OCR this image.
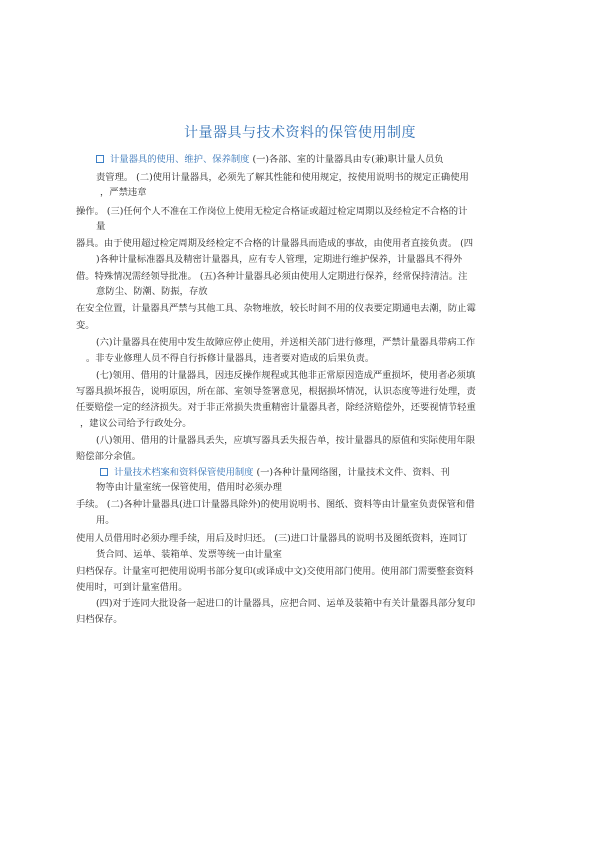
计量器具与技术资料的保管使用制度
计量器具的使用、维护、保养制度 (一)各部、室的计量器具由专(兼)职计量人员负
责管理。 (二)使用计量器具，必须先了解其性能和使用规定，按使用说明书的规定正确使用
，严禁违章
操作。 (三)任何个人不准在工作岗位上使用无检定合格证或超过检定周期以及经检定不合格的计
量
器具。由于使用超过检定周期及经检定不合格的计量器具而造成的事故，由使用者直接负责。 (四
)各种计量标准器具及精密计量器具，应有专人管理，定期进行维护保养，计量器具不得外
借。特殊情况需经领导批准。 (五)各种计量器具必须由使用人定期进行保养，经常保持清洁。注
意防尘、防潮、防振，存放
在安全位置，计量器具严禁与其他工具、杂物堆放，较长时间不用的仪表要定期通电去潮，防止霉
变。
(六)计量器具在使用中发生故障应停止使用，并送相关部门进行修理，严禁计量器具带病工作
。非专业修理人员不得自行拆修计量器具，违者要对造成的后果负责。
(七)领用、借用的计量器具，因违反操作规程或其他非正常原因造成严重损坏，使用者必须填
写器具损坏报告，说明原因，所在部、室领导签署意见，根据损坏情况，认识态度等进行处理，责
任要赔偿一定的经济损失。对于非正常损失贵重精密计量器具者，除经济赔偿外，还要视情节轻重
，建议公司给予行政处分。
(八)领用、借用的计量器具丢失，应填写器具丢失报告单，按计量器具的原值和实际使用年限
赔偿部分余值。
计量技术档案和资料保管使用制度 (一)各种计量网络图，计量技术文件、资料、刊
物等由计量室统一保管使用，借用时必须办理
手续。 (二)各种计量器具(进口计量器具除外)的使用说明书、图纸、资料等由计量室负责保管和借
用。
使用人员借用时必须办理手续，用后及时归还。 (三)进口计量器具的说明书及图纸资料，连同订
货合同、运单、装箱单、发票等统一由计量室
归档保存。计量室可把使用说明书部分复印(或译成中文)交使用部门使用。使用部门需要整套资料
使用时，可到计量室借用。
(四)对于连同大批设备一起进口的计量器具，应把合同、运单及装箱中有关计量器具部分复印
归档保存。
